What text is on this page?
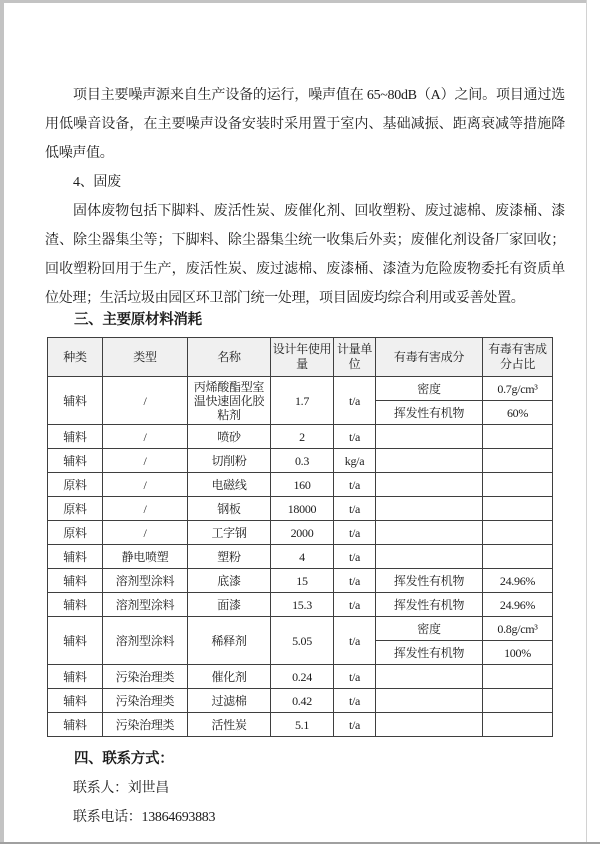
项目主要噪声源来自生产设备的运行，噪声值在 65~80dB（A）之间。项目通过选用低噪音设备，在主要噪声设备安装时采用置于室内、基础减振、距离衰减等措施降低噪声值。

4、固废

固体废物包括下脚料、废活性炭、废催化剂、回收塑粉、废过滤棉、废漆桶、漆渣、除尘器集尘等；下脚料、除尘器集尘统一收集后外卖；废催化剂设备厂家回收；回收塑粉回用于生产，废活性炭、废过滤棉、废漆桶、漆渣为危险废物委托有资质单位处理；生活垃圾由园区环卫部门统一处理，项目固废均综合利用或妥善处置。

三、主要原材料消耗

种类	类型	名称	设计年使用量	计量单位	有毒有害成分	有毒有害成分占比
辅料	/	丙烯酸酯型室温快速固化胶粘剂	1.7	t/a	密度	0.7g/cm³
					挥发性有机物	60%
辅料	/	喷砂	2	t/a		
辅料	/	切削粉	0.3	kg/a		
原料	/	电磁线	160	t/a		
原料	/	钢板	18000	t/a		
原料	/	工字钢	2000	t/a		
辅料	静电喷塑	塑粉	4	t/a		
辅料	溶剂型涂料	底漆	15	t/a	挥发性有机物	24.96%
辅料	溶剂型涂料	面漆	15.3	t/a	挥发性有机物	24.96%
辅料	溶剂型涂料	稀释剂	5.05	t/a	密度	0.8g/cm³
					挥发性有机物	100%
辅料	污染治理类	催化剂	0.24	t/a		
辅料	污染治理类	过滤棉	0.42	t/a		
辅料	污染治理类	活性炭	5.1	t/a		

四、联系方式：

联系人：刘世昌

联系电话：13864693883
